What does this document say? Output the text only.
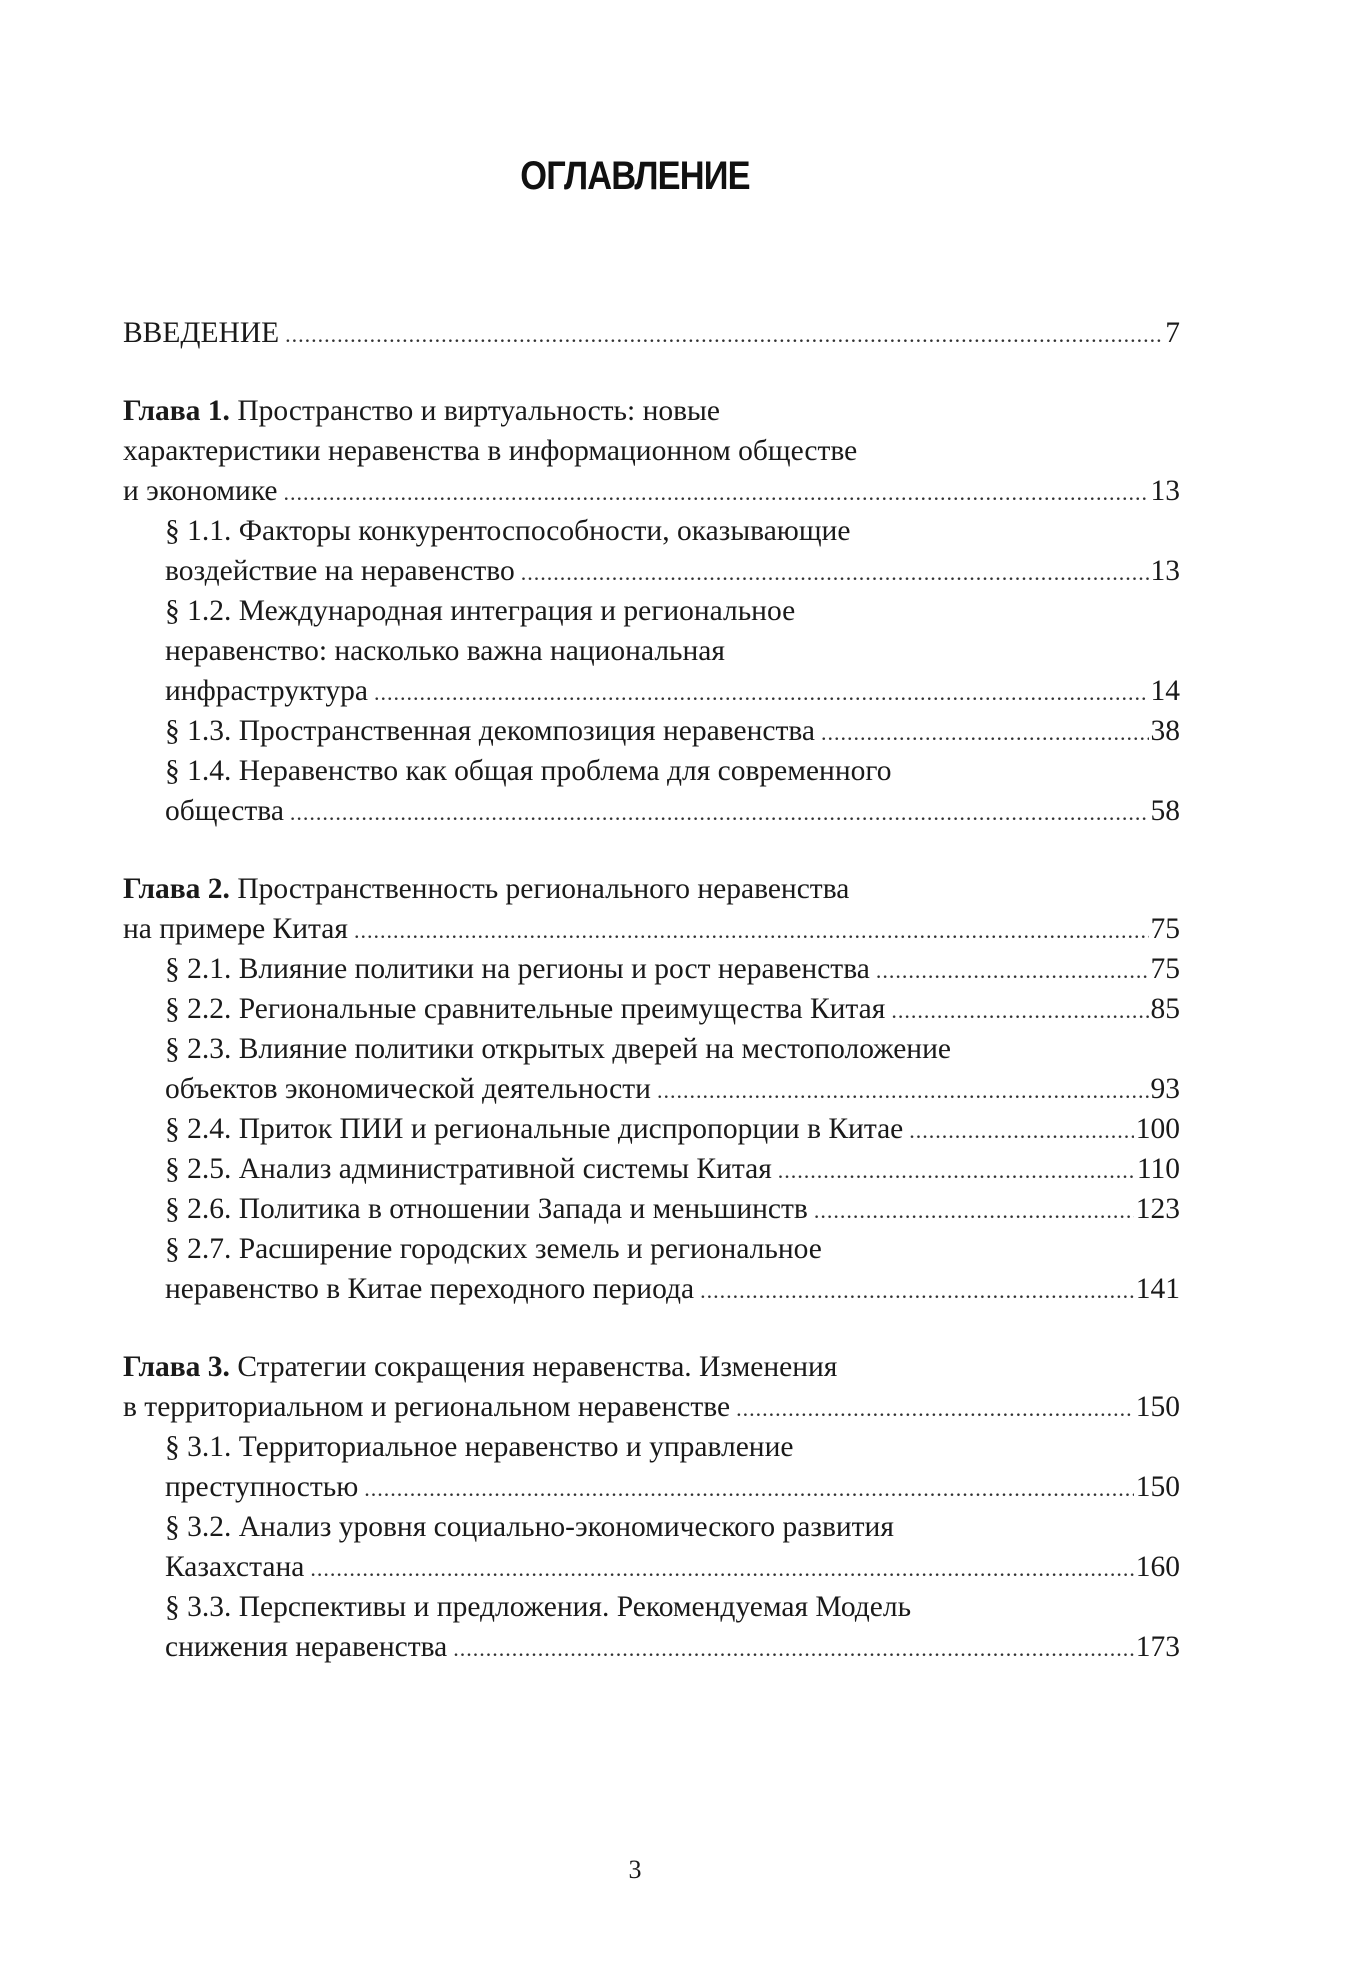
ОГЛАВЛЕНИЕ
ВВЕДЕНИЕ .....	7
Глава 1. Пространство и виртуальность: новые
характеристики неравенства в информационном обществе
и экономике .....	13
§ 1.1. Факторы конкурентоспособности, оказывающие
воздействие на неравенство .....	13
§ 1.2. Международная интеграция и региональное
неравенство: насколько важна национальная
инфраструктура .....	14
§ 1.3. Пространственная декомпозиция неравенства .....	38
§ 1.4. Неравенство как общая проблема для современного
общества .....	58
Глава 2. Пространственность регионального неравенства
на примере Китая .....	75
§ 2.1. Влияние политики на регионы и рост неравенства .....	75
§ 2.2. Региональные сравнительные преимущества Китая .....	85
§ 2.3. Влияние политики открытых дверей на местоположение
объектов экономической деятельности .....	93
§ 2.4. Приток ПИИ и региональные диспропорции в Китае .....	100
§ 2.5. Анализ административной системы Китая .....	110
§ 2.6. Политика в отношении Запада и меньшинств .....	123
§ 2.7. Расширение городских земель и региональное
неравенство в Китае переходного периода .....	141
Глава 3. Стратегии сокращения неравенства. Изменения
в территориальном и региональном неравенстве .....	150
§ 3.1. Территориальное неравенство и управление
преступностью .....	150
§ 3.2. Анализ уровня социально-экономического развития
Казахстана .....	160
§ 3.3. Перспективы и предложения. Рекомендуемая Модель
снижения неравенства .....	173
3
